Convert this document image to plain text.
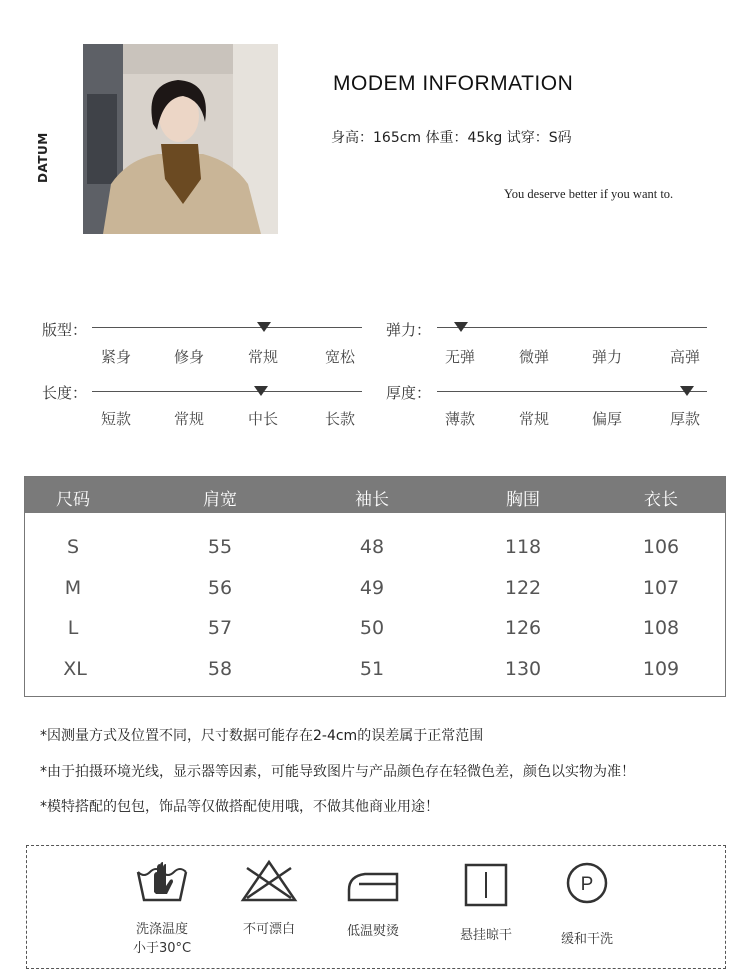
DATUM
MODEM INFORMATION
身高：165cm 体重：45kg 试穿：S码
You deserve better if you want to.
版型：
紧身	修身	常规	宽松
弹力：
无弹	微弹	弹力	高弹
长度：
短款	常规	中长	长款
厚度：
薄款	常规	偏厚	厚款
尺码	肩宽	袖长	胸围	衣长
S	55	48	118	106
M	56	49	122	107
L	57	50	126	108
XL	58	51	130	109
*因测量方式及位置不同，尺寸数据可能存在2-4cm的误差属于正常范围
*由于拍摄环境光线，显示器等因素，可能导致图片与产品颜色存在轻微色差，颜色以实物为准！
*模特搭配的包包，饰品等仅做搭配使用哦，不做其他商业用途！
洗涤温度
小于30°C
不可漂白	低温熨烫	悬挂晾干
P
缓和干洗
